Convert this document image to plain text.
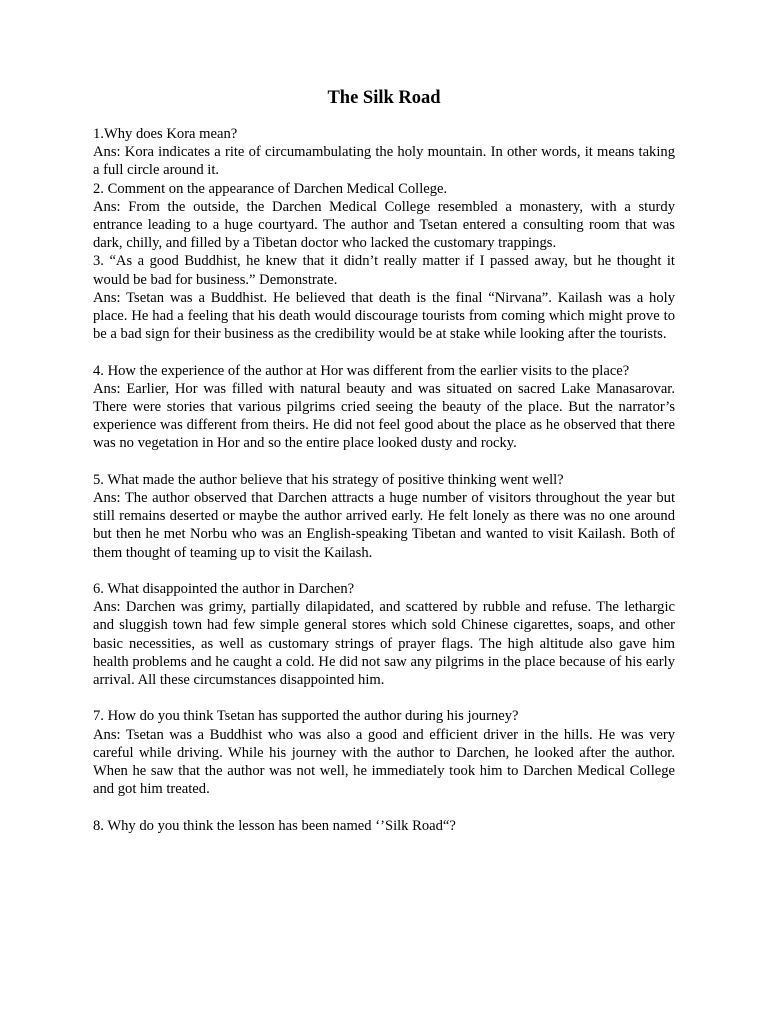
The Silk Road

1.Why does Kora mean?

Ans: Kora indicates a rite of circumambulating the holy mountain. In other words, it means taking a full circle around it.

2. Comment on the appearance of Darchen Medical College.

Ans: From the outside, the Darchen Medical College resembled a monastery, with a sturdy entrance leading to a huge courtyard. The author and Tsetan entered a consulting room that was dark, chilly, and filled by a Tibetan doctor who lacked the customary trappings.

3. “As a good Buddhist, he knew that it didn’t really matter if I passed away, but he thought it would be bad for business.” Demonstrate.

Ans: Tsetan was a Buddhist. He believed that death is the final “Nirvana”. Kailash was a holy place. He had a feeling that his death would discourage tourists from coming which might prove to be a bad sign for their business as the credibility would be at stake while looking after the tourists.

4. How the experience of the author at Hor was different from the earlier visits to the place?

Ans: Earlier, Hor was filled with natural beauty and was situated on sacred Lake Manasarovar. There were stories that various pilgrims cried seeing the beauty of the place. But the narrator’s experience was different from theirs. He did not feel good about the place as he observed that there was no vegetation in Hor and so the entire place looked dusty and rocky.

5. What made the author believe that his strategy of positive thinking went well?

Ans: The author observed that Darchen attracts a huge number of visitors throughout the year but still remains deserted or maybe the author arrived early. He felt lonely as there was no one around but then he met Norbu who was an English-speaking Tibetan and wanted to visit Kailash. Both of them thought of teaming up to visit the Kailash.

6. What disappointed the author in Darchen?

Ans: Darchen was grimy, partially dilapidated, and scattered by rubble and refuse. The lethargic and sluggish town had few simple general stores which sold Chinese cigarettes, soaps, and other basic necessities, as well as customary strings of prayer flags. The high altitude also gave him health problems and he caught a cold. He did not saw any pilgrims in the place because of his early arrival. All these circumstances disappointed him.

7. How do you think Tsetan has supported the author during his journey?

Ans: Tsetan was a Buddhist who was also a good and efficient driver in the hills. He was very careful while driving. While his journey with the author to Darchen, he looked after the author. When he saw that the author was not well, he immediately took him to Darchen Medical College and got him treated.

8. Why do you think the lesson has been named ‘’Silk Road“?
